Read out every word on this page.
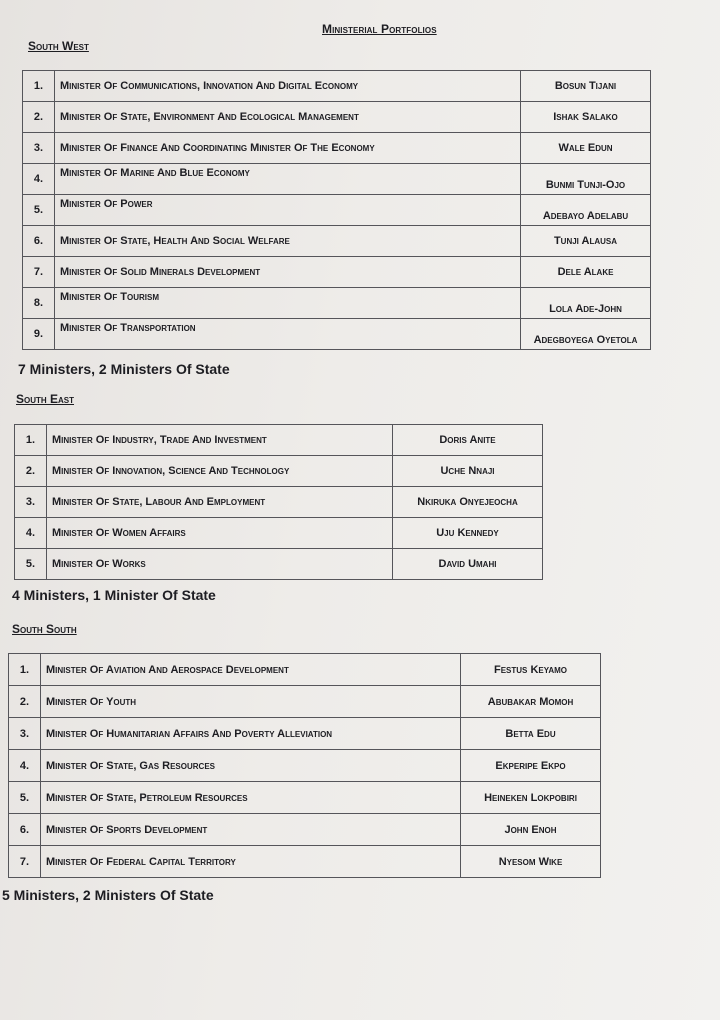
Ministerial Portfolios
South West
1.	Minister Of Communications, Innovation And Digital Economy	Bosun Tijani
2.	Minister Of State, Environment And Ecological Management	Ishak Salako
3.	Minister Of Finance And Coordinating Minister Of The Economy	Wale Edun
4.	Minister Of Marine And Blue Economy	Bunmi Tunji-Ojo
5.	Minister Of Power	Adebayo Adelabu
6.	Minister Of State, Health And Social Welfare	Tunji Alausa
7.	Minister Of Solid Minerals Development	Dele Alake
8.	Minister Of Tourism	Lola Ade-John
9.	Minister Of Transportation	Adegboyega Oyetola
7 Ministers, 2 Ministers Of State
South East
1.	Minister Of Industry, Trade And Investment	Doris Anite
2.	Minister Of Innovation, Science And Technology	Uche Nnaji
3.	Minister Of State, Labour And Employment	Nkiruka Onyejeocha
4.	Minister Of Women Affairs	Uju Kennedy
5.	Minister Of Works	David Umahi
4 Ministers, 1 Minister Of State
South South
1.	Minister Of Aviation And Aerospace Development	Festus Keyamo
2.	Minister Of Youth	Abubakar Momoh
3.	Minister Of Humanitarian Affairs And Poverty Alleviation	Betta Edu
4.	Minister Of State, Gas Resources	Ekperipe Ekpo
5.	Minister Of State, Petroleum Resources	Heineken Lokpobiri
6.	Minister Of Sports Development	John Enoh
7.	Minister Of Federal Capital Territory	Nyesom Wike
5 Ministers, 2 Ministers Of State
